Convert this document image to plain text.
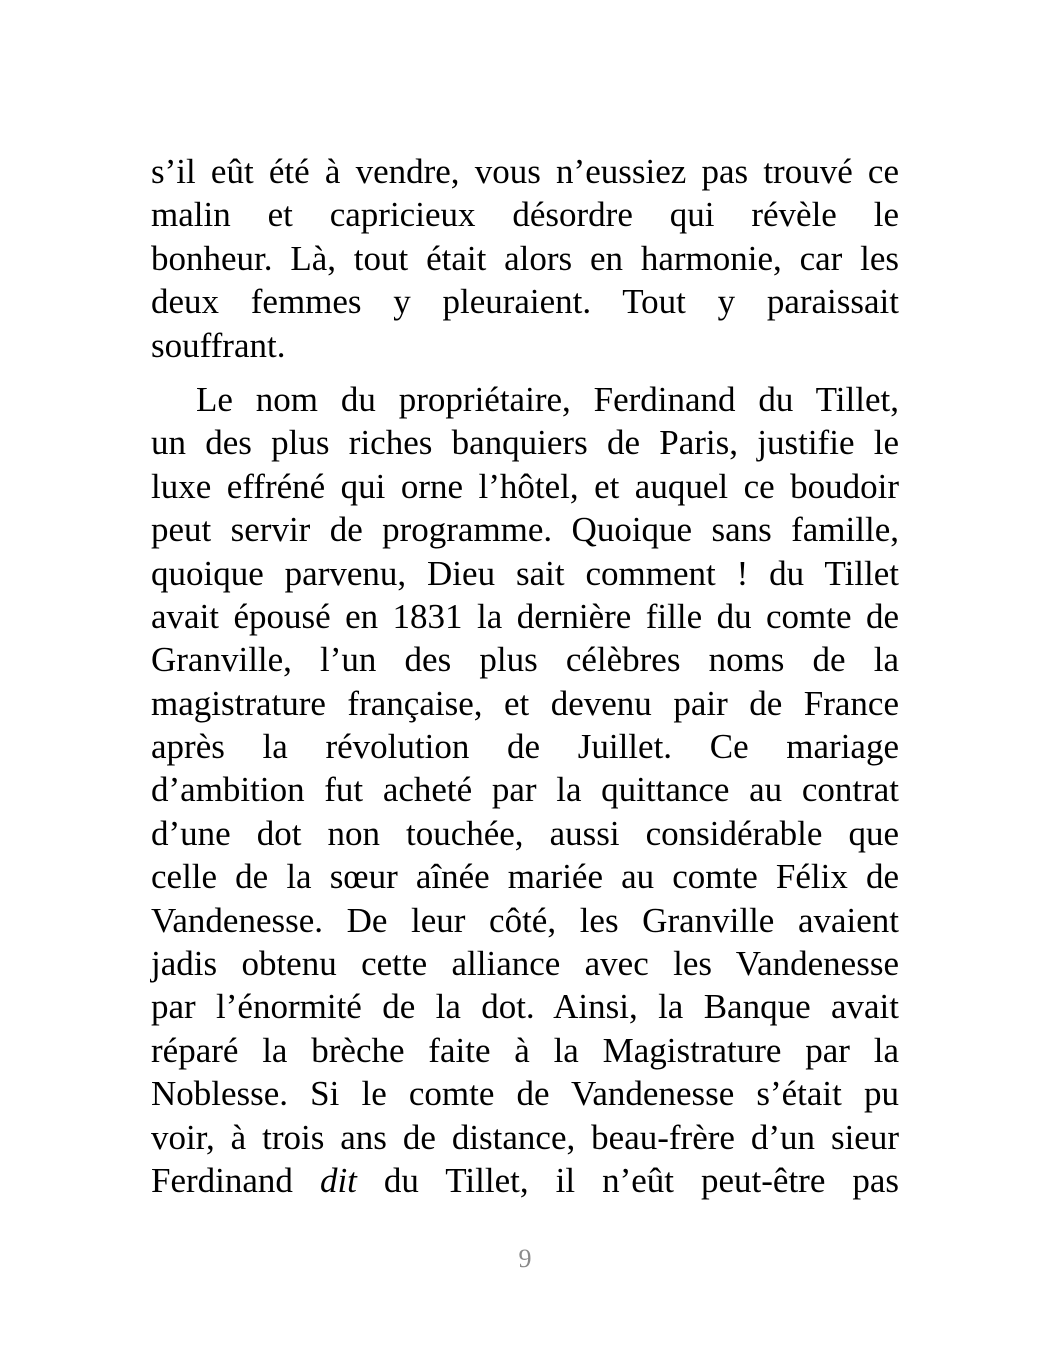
s’il eût été à vendre, vous n’eussiez pas trouvé ce
malin et capricieux désordre qui révèle le
bonheur. Là, tout était alors en harmonie, car les
deux femmes y pleuraient. Tout y paraissait
souffrant.
Le nom du propriétaire, Ferdinand du Tillet,
un des plus riches banquiers de Paris, justifie le
luxe effréné qui orne l’hôtel, et auquel ce boudoir
peut servir de programme. Quoique sans famille,
quoique parvenu, Dieu sait comment ! du Tillet
avait épousé en 1831 la dernière fille du comte de
Granville, l’un des plus célèbres noms de la
magistrature française, et devenu pair de France
après la révolution de Juillet. Ce mariage
d’ambition fut acheté par la quittance au contrat
d’une dot non touchée, aussi considérable que
celle de la sœur aînée mariée au comte Félix de
Vandenesse. De leur côté, les Granville avaient
jadis obtenu cette alliance avec les Vandenesse
par l’énormité de la dot. Ainsi, la Banque avait
réparé la brèche faite à la Magistrature par la
Noblesse. Si le comte de Vandenesse s’était pu
voir, à trois ans de distance, beau-frère d’un sieur
Ferdinand dit du Tillet, il n’eût peut-être pas
9
